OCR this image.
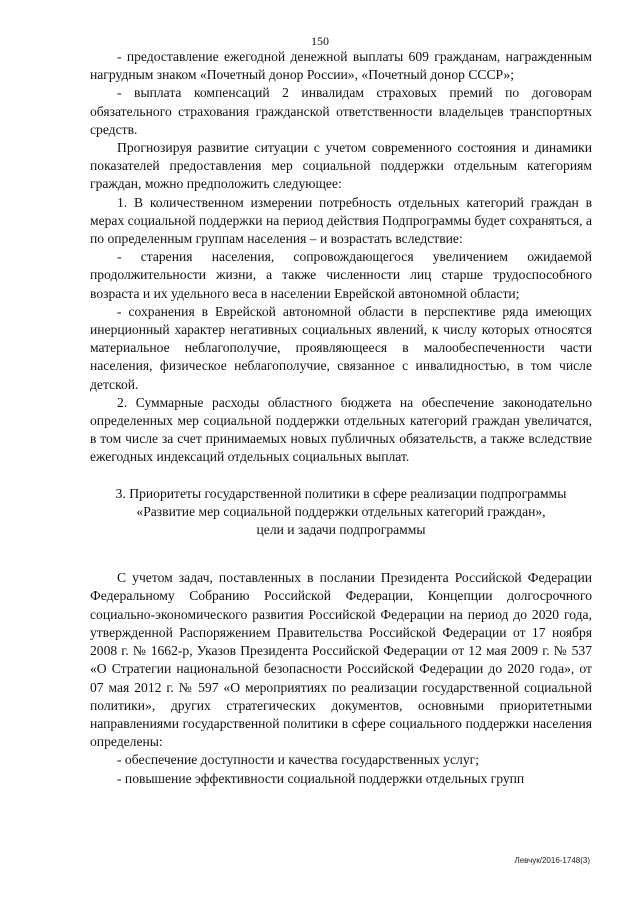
150

- предоставление ежегодной денежной выплаты 609 гражданам, награжденным нагрудным знаком «Почетный донор России», «Почетный донор СССР»;

- выплата компенсаций 2 инвалидам страховых премий по договорам обязательного страхования гражданской ответственности владельцев транспортных средств.

Прогнозируя развитие ситуации с учетом современного состояния и динамики показателей предоставления мер социальной поддержки отдельным категориям граждан, можно предположить следующее:

1. В количественном измерении потребность отдельных категорий граждан в мерах социальной поддержки на период действия Подпрограммы будет сохраняться, а по определенным группам населения – и возрастать вследствие:

- старения населения, сопровождающегося увеличением ожидаемой продолжительности жизни, а также численности лиц старше трудоспособного возраста и их удельного веса в населении Еврейской автономной области;

- сохранения в Еврейской автономной области в перспективе ряда имеющих инерционный характер негативных социальных явлений, к числу которых относятся материальное неблагополучие, проявляющееся в малообеспеченности части населения, физическое неблагополучие, связанное с инвалидностью, в том числе детской.

2. Суммарные расходы областного бюджета на обеспечение законодательно определенных мер социальной поддержки отдельных категорий граждан увеличатся, в том числе за счет принимаемых новых публичных обязательств, а также вследствие ежегодных индексаций отдельных социальных выплат.

3. Приоритеты государственной политики в сфере реализации подпрограммы
«Развитие мер социальной поддержки отдельных категорий граждан»,
цели и задачи подпрограммы

С учетом задач, поставленных в послании Президента Российской Федерации Федеральному Собранию Российской Федерации, Концепции долгосрочного социально-экономического развития Российской Федерации на период до 2020 года, утвержденной Распоряжением Правительства Российской Федерации от 17 ноября 2008 г. № 1662-р, Указов Президента Российской Федерации от 12 мая 2009 г. № 537 «О Стратегии национальной безопасности Российской Федерации до 2020 года», от 07 мая 2012 г. № 597 «О мероприятиях по реализации государственной социальной политики», других стратегических документов, основными приоритетными направлениями государственной политики в сфере социального поддержки населения определены:

- обеспечение доступности и качества государственных услуг;

- повышение эффективности социальной поддержки отдельных групп

Левчук/2016-1748(3)
